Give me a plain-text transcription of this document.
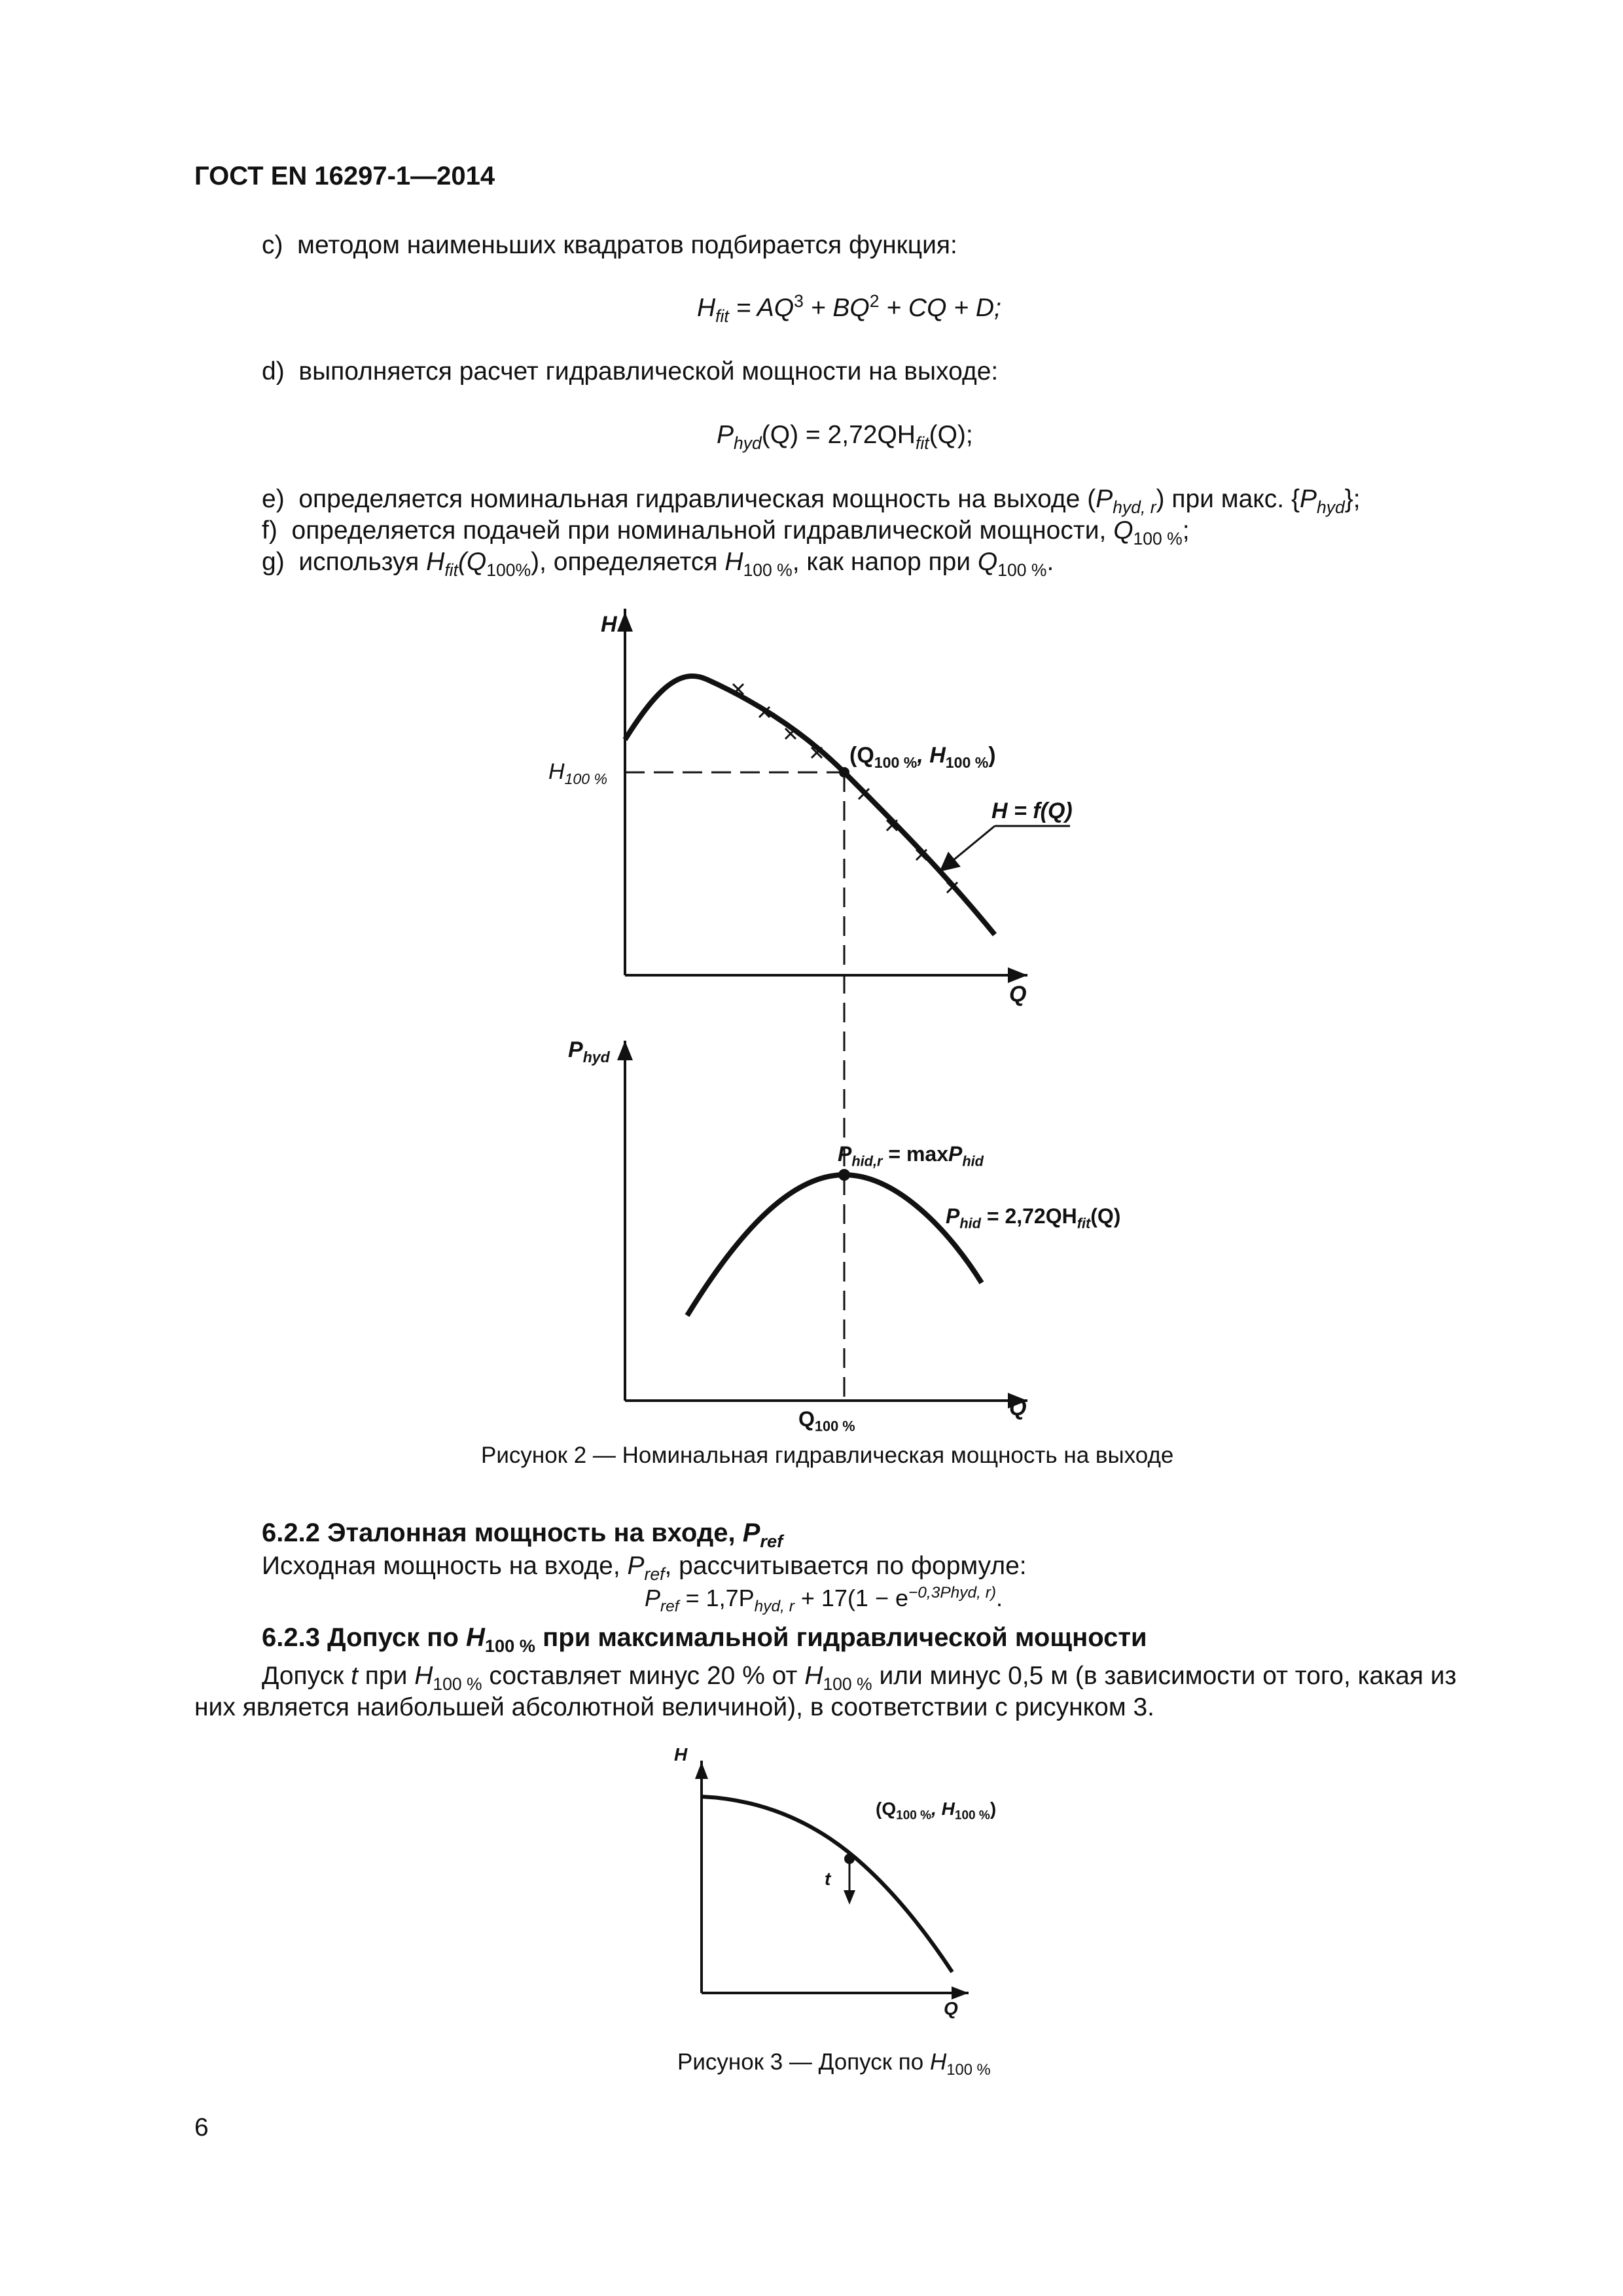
ГОСТ EN 16297-1—2014
c) методом наименьших квадратов подбирается функция:
$H_{fit} = AQ^3 + BQ^2$ + CQ + D;
d) выполняется расчет гидравлической мощности на выходе:
$P_{hyd}(Q) = 2,72QH_{fit}(Q)$;
e) определяется номинальная гидравлическая мощность на выходе $(P_{hyd, r})$ при макс. $\{P_{hyd}\}$;
f) определяется подачей при номинальной гидравлической мощности, $Q_{100 \%}$;
g) используя $H_{fit}(Q_{100\%})$, определяется $H_{100 \%}$, как напор при $Q_{100 \%}$.
H
$H_{100 \%}$
($Q_{100 \%}$, $H_{100 \%}$)
H = f(Q)
Q
$P_{hyd}$
$P_{hid,r} = \max P_{hid}$
$P_{hid} = 2,72QH_{fit}(Q)$
$Q_{100 \%}$
Q
Рисунок 2 — Номинальная гидравлическая мощность на выходе
6.2.2 Эталонная мощность на входе, $P_{ref}$
Исходная мощность на входе, $P_{ref}$, рассчитывается по формуле:
$P_{ref} = 1,7P_{hyd, r} + 17(1 - e^{-0,3Phyd, r)}$.
6.2.3 Допуск по $H_{100 \%}$ при максимальной гидравлической мощности
Допуск t при $H_{100 \%}$ составляет минус 20 % от $H_{100 \%}$ или минус 0,5 м (в зависимости от того, какая из
них является наибольшей абсолютной величиной), в соответствии с рисунком 3.
H
($Q_{100 \%}$, $H_{100 \%}$)
t
Q
Рисунок 3 — Допуск по $H_{100 \%}$
6
